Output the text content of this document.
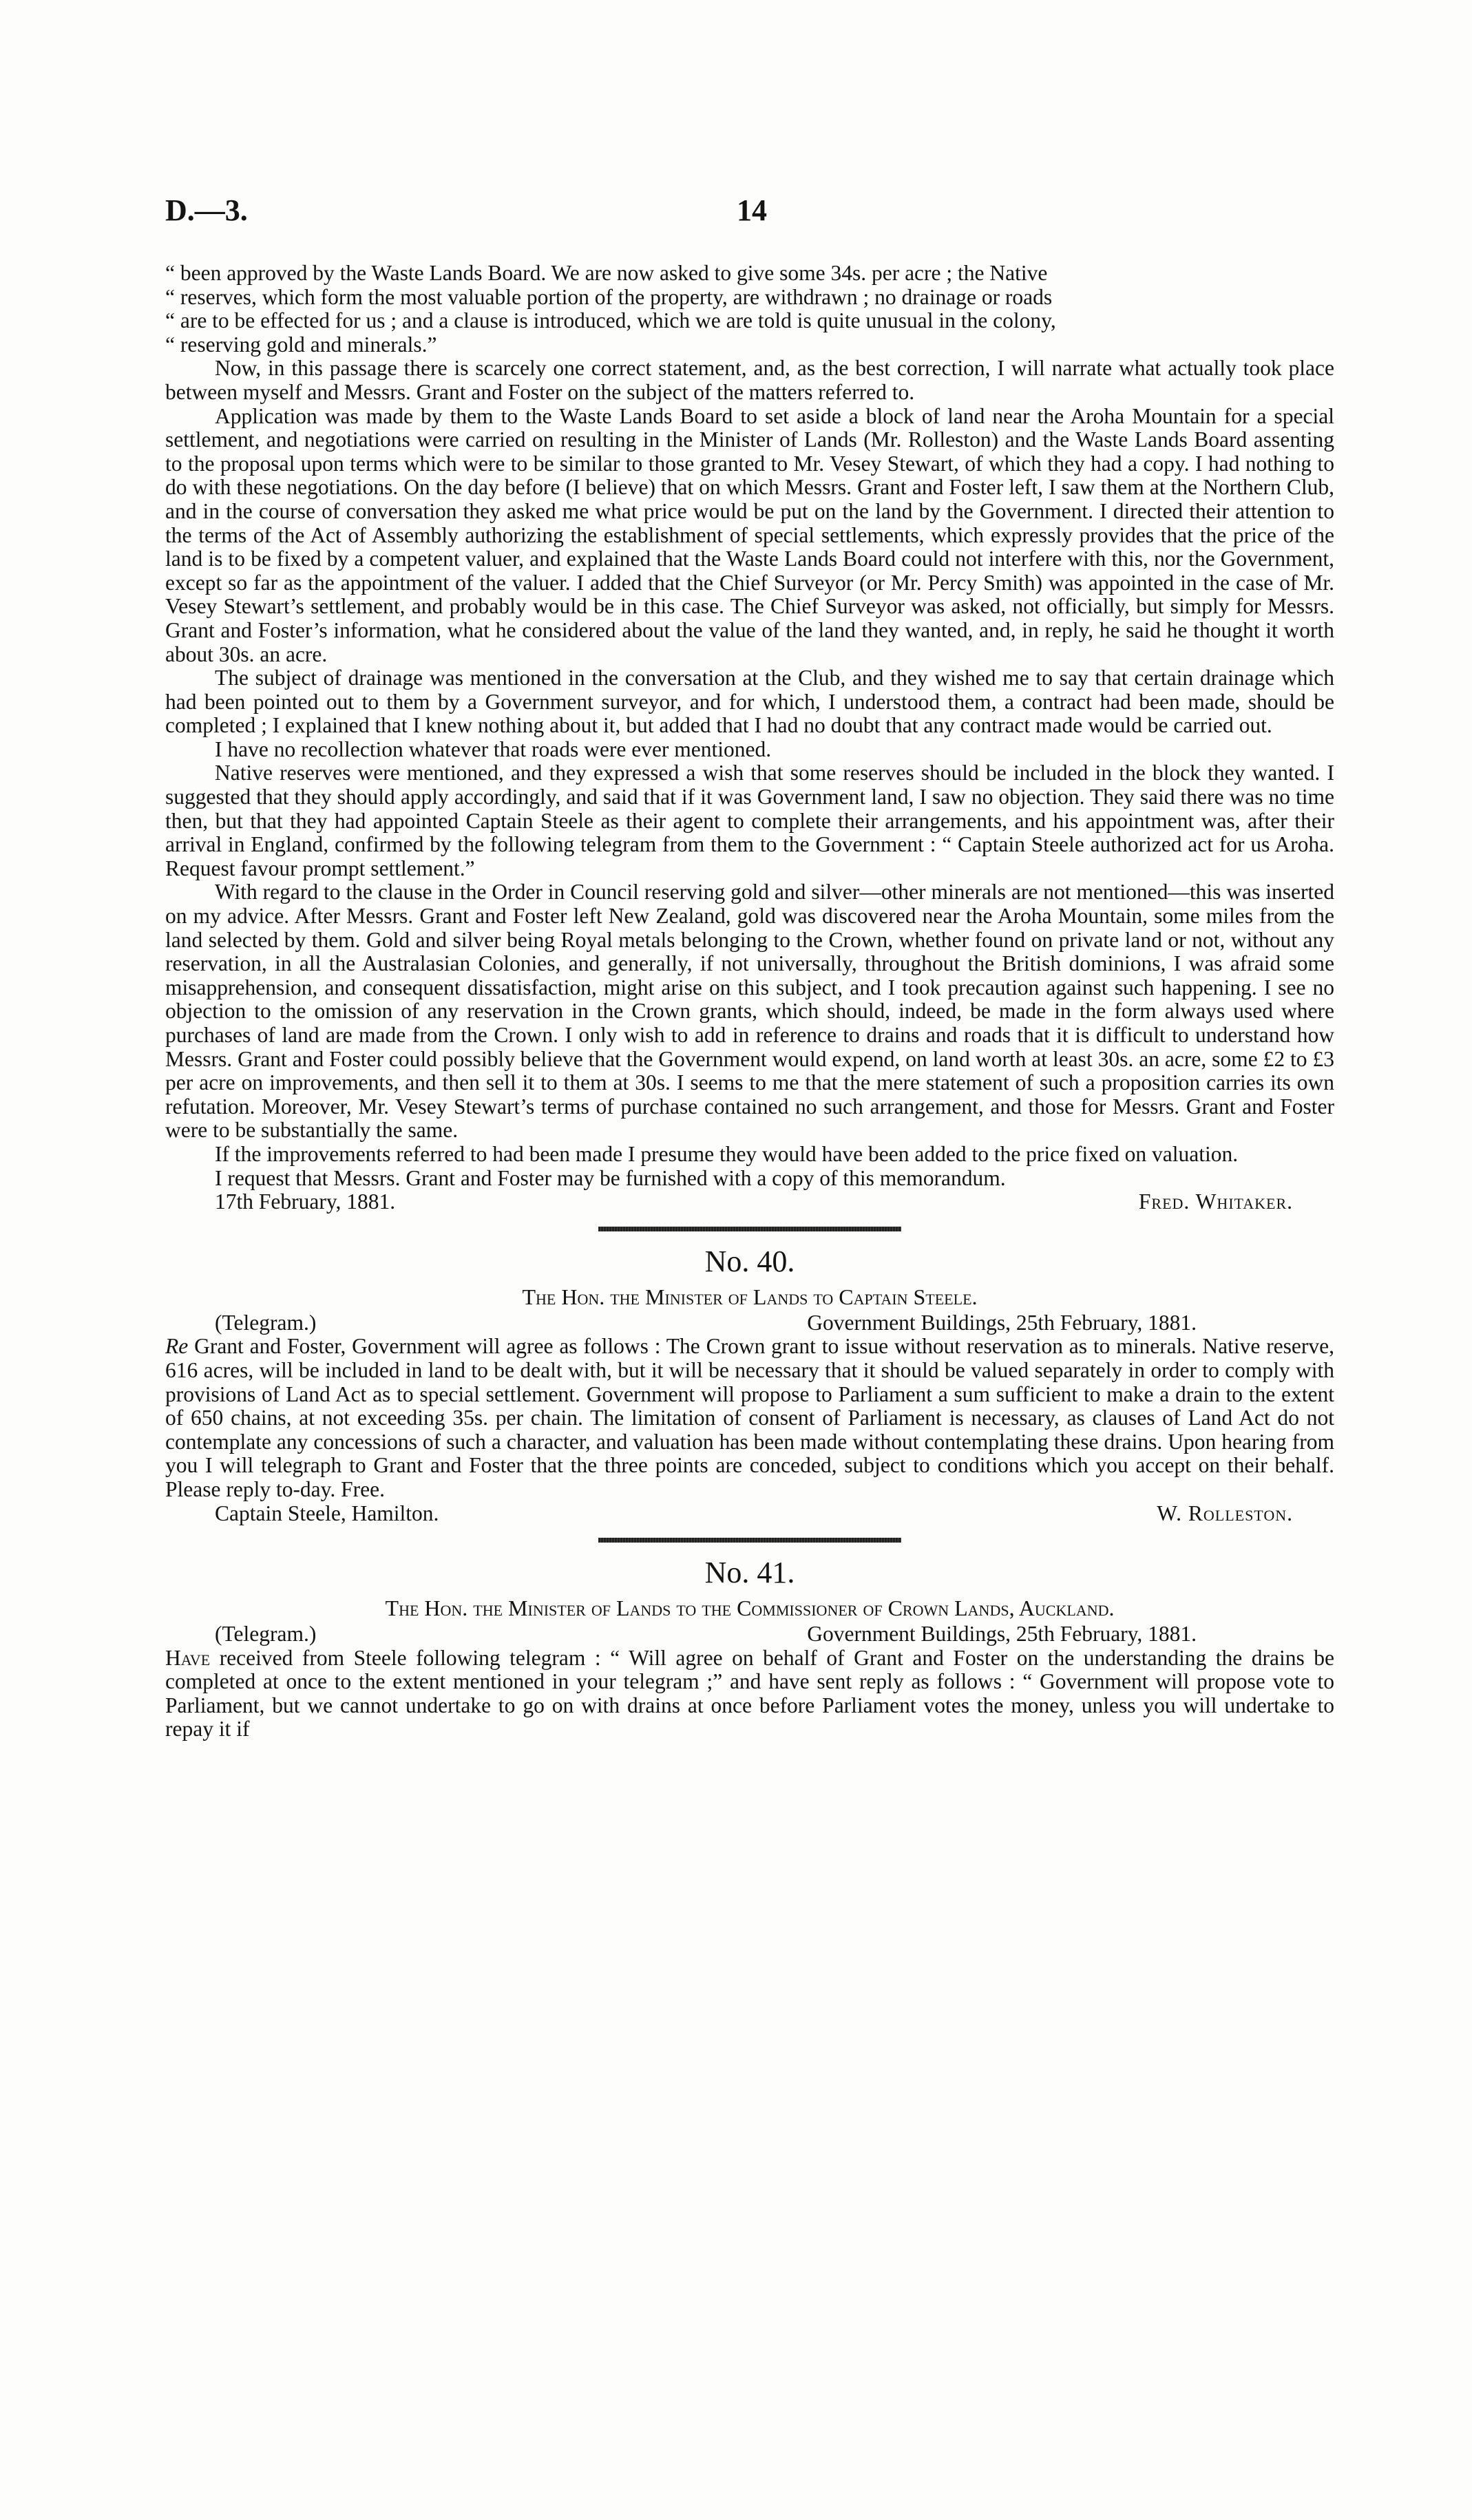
D.—3.	14

“ been approved by the Waste Lands Board. We are now asked to give some 34s. per acre ; the Native

“ reserves, which form the most valuable portion of the property, are withdrawn ; no drainage or roads

“ are to be effected for us ; and a clause is introduced, which we are told is quite unusual in the colony,

“ reserving gold and minerals.”

Now, in this passage there is scarcely one correct statement, and, as the best correction, I will narrate what actually took place between myself and Messrs. Grant and Foster on the subject of the matters referred to.

Application was made by them to the Waste Lands Board to set aside a block of land near the Aroha Mountain for a special settlement, and negotiations were carried on resulting in the Minister of Lands (Mr. Rolleston) and the Waste Lands Board assenting to the proposal upon terms which were to be similar to those granted to Mr. Vesey Stewart, of which they had a copy. I had nothing to do with these negotiations. On the day before (I believe) that on which Messrs. Grant and Foster left, I saw them at the Northern Club, and in the course of conversation they asked me what price would be put on the land by the Government. I directed their attention to the terms of the Act of Assembly authorizing the establishment of special settlements, which expressly provides that the price of the land is to be fixed by a competent valuer, and explained that the Waste Lands Board could not interfere with this, nor the Government, except so far as the appointment of the valuer. I added that the Chief Surveyor (or Mr. Percy Smith) was appointed in the case of Mr. Vesey Stewart’s settlement, and probably would be in this case. The Chief Surveyor was asked, not officially, but simply for Messrs. Grant and Foster’s information, what he considered about the value of the land they wanted, and, in reply, he said he thought it worth about 30s. an acre.

The subject of drainage was mentioned in the conversation at the Club, and they wished me to say that certain drainage which had been pointed out to them by a Government surveyor, and for which, I understood them, a contract had been made, should be completed ; I explained that I knew nothing about it, but added that I had no doubt that any contract made would be carried out.

I have no recollection whatever that roads were ever mentioned.

Native reserves were mentioned, and they expressed a wish that some reserves should be included in the block they wanted. I suggested that they should apply accordingly, and said that if it was Government land, I saw no objection. They said there was no time then, but that they had appointed Captain Steele as their agent to complete their arrangements, and his appointment was, after their arrival in England, confirmed by the following telegram from them to the Government : “ Captain Steele authorized act for us Aroha. Request favour prompt settlement.”

With regard to the clause in the Order in Council reserving gold and silver—other minerals are not mentioned—this was inserted on my advice. After Messrs. Grant and Foster left New Zealand, gold was discovered near the Aroha Mountain, some miles from the land selected by them. Gold and silver being Royal metals belonging to the Crown, whether found on private land or not, without any reservation, in all the Australasian Colonies, and generally, if not universally, throughout the British dominions, I was afraid some misapprehension, and consequent dissatisfaction, might arise on this subject, and I took precaution against such happening. I see no objection to the omission of any reservation in the Crown grants, which should, indeed, be made in the form always used where purchases of land are made from the Crown. I only wish to add in reference to drains and roads that it is difficult to understand how Messrs. Grant and Foster could possibly believe that the Government would expend, on land worth at least 30s. an acre, some £2 to £3 per acre on improvements, and then sell it to them at 30s. I seems to me that the mere statement of such a proposition carries its own refutation. Moreover, Mr. Vesey Stewart’s terms of purchase contained no such arrangement, and those for Messrs. Grant and Foster were to be substantially the same.

If the improvements referred to had been made I presume they would have been added to the price fixed on valuation.

I request that Messrs. Grant and Foster may be furnished with a copy of this memorandum.

17th February, 1881.	Fred. Whitaker.
No. 40.
The Hon. the Minister of Lands to Captain Steele.
(Telegram.)	Government Buildings, 25th February, 1881.

Re Grant and Foster, Government will agree as follows : The Crown grant to issue without reservation as to minerals. Native reserve, 616 acres, will be included in land to be dealt with, but it will be necessary that it should be valued separately in order to comply with provisions of Land Act as to special settlement. Government will propose to Parliament a sum sufficient to make a drain to the extent of 650 chains, at not exceeding 35s. per chain. The limitation of consent of Parliament is necessary, as clauses of Land Act do not contemplate any concessions of such a character, and valuation has been made without contemplating these drains. Upon hearing from you I will telegraph to Grant and Foster that the three points are conceded, subject to conditions which you accept on their behalf. Please reply to-day. Free.

Captain Steele, Hamilton.	W. Rolleston.
No. 41.
The Hon. the Minister of Lands to the Commissioner of Crown Lands, Auckland.
(Telegram.)	Government Buildings, 25th February, 1881.

Have received from Steele following telegram : “ Will agree on behalf of Grant and Foster on the understanding the drains be completed at once to the extent mentioned in your telegram ;” and have sent reply as follows : “ Government will propose vote to Parliament, but we cannot undertake to go on with drains at once before Parliament votes the money, unless you will undertake to repay it if
